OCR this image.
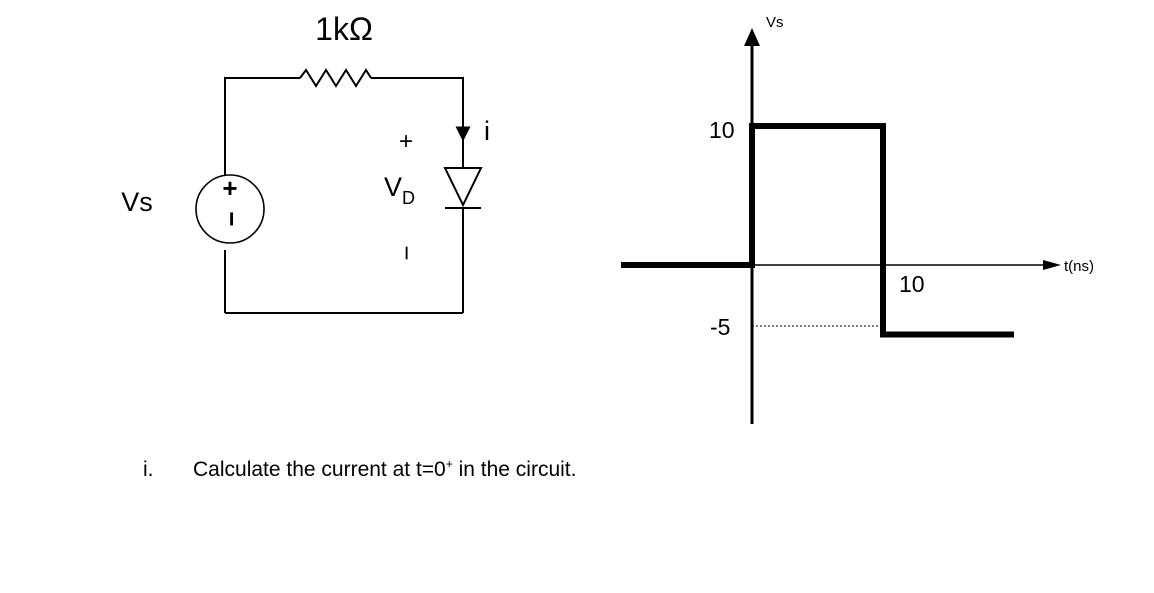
+
−
1kΩ
i
+
$V_D$
−
Vs
Vs
t(ns)
10
-5
10
i. Calculate the current at t=0+ in the circuit.
